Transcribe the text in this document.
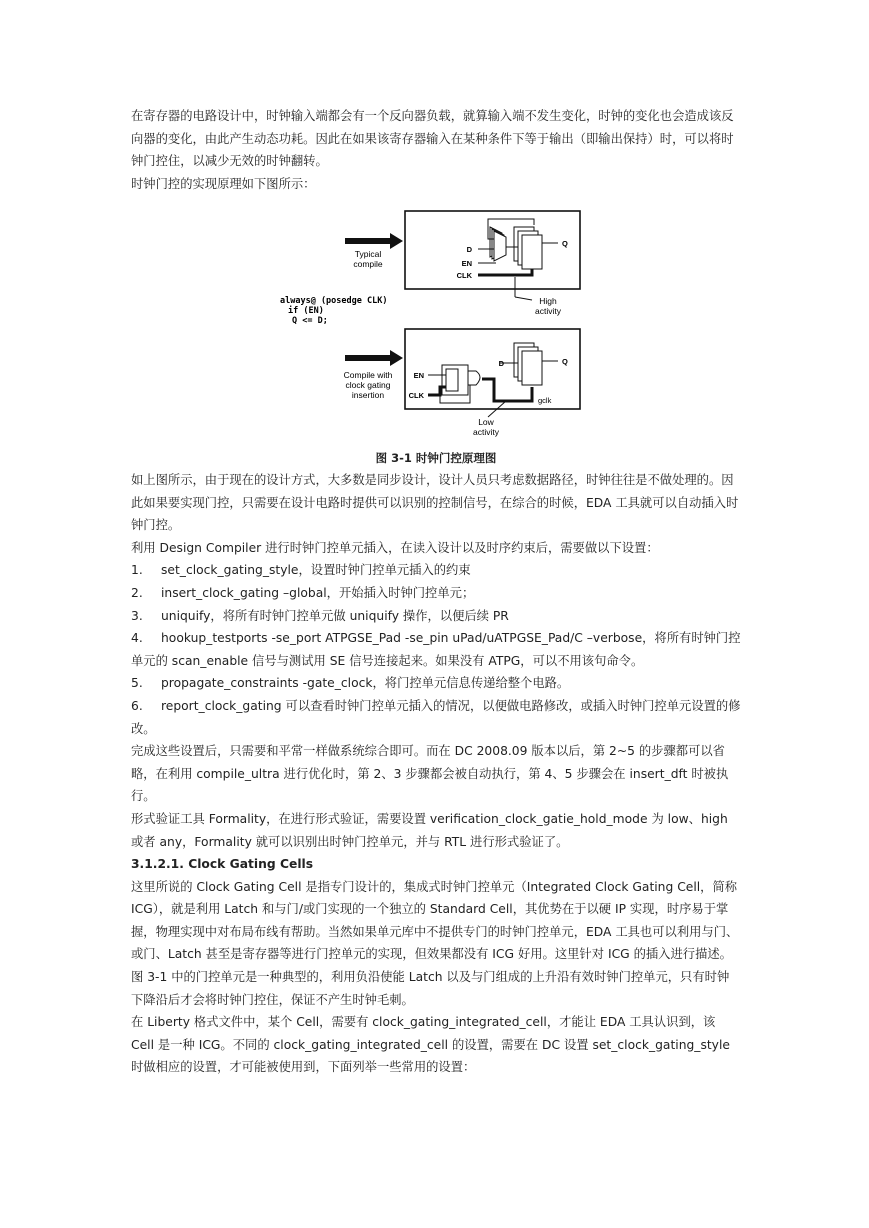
在寄存器的电路设计中，时钟输入端都会有一个反向器负载，就算输入端不发生变化，时钟的变化也会造成该反向器的变化，由此产生动态功耗。因此在如果该寄存器输入在某种条件下等于输出（即输出保持）时，可以将时钟门控住，以减少无效的时钟翻转。

时钟门控的实现原理如下图所示：

Typical
compile
D
EN
CLK
Q
High
activity
always@ (posedge CLK)
if (EN)
Q <= D;
Compile with
clock gating
insertion
EN
CLK
D	Q
gclk
Low
activity

图 3-1 时钟门控原理图

如上图所示，由于现在的设计方式，大多数是同步设计，设计人员只考虑数据路径，时钟往往是不做处理的。因此如果要实现门控，只需要在设计电路时提供可以识别的控制信号，在综合的时候，EDA 工具就可以自动插入时钟门控。

利用 Design Compiler 进行时钟门控单元插入，在读入设计以及时序约束后，需要做以下设置：

1. set_clock_gating_style，设置时钟门控单元插入的约束

2. insert_clock_gating –global，开始插入时钟门控单元；

3. uniquify，将所有时钟门控单元做 uniquify 操作，以便后续 PR

4. hookup_testports -se_port ATPGSE_Pad -se_pin uPad/uATPGSE_Pad/C –verbose，将所有时钟门控单元的 scan_enable 信号与测试用 SE 信号连接起来。如果没有 ATPG，可以不用该句命令。

5. propagate_constraints -gate_clock，将门控单元信息传递给整个电路。

6. report_clock_gating 可以查看时钟门控单元插入的情况，以便做电路修改，或插入时钟门控单元设置的修改。

完成这些设置后，只需要和平常一样做系统综合即可。而在 DC 2008.09 版本以后，第 2~5 的步骤都可以省略，在利用 compile_ultra 进行优化时，第 2、3 步骤都会被自动执行，第 4、5 步骤会在 insert_dft 时被执行。

形式验证工具 Formality，在进行形式验证，需要设置 verification_clock_gatie_hold_mode 为 low、high 或者 any，Formality 就可以识别出时钟门控单元，并与 RTL 进行形式验证了。

3.1.2.1. Clock Gating Cells

这里所说的 Clock Gating Cell 是指专门设计的，集成式时钟门控单元（Integrated Clock Gating Cell，简称 ICG），就是利用 Latch 和与门/或门实现的一个独立的 Standard Cell，其优势在于以硬 IP 实现，时序易于掌握，物理实现中对布局布线有帮助。当然如果单元库中不提供专门的时钟门控单元，EDA 工具也可以利用与门、或门、Latch 甚至是寄存器等进行门控单元的实现，但效果都没有 ICG 好用。这里针对 ICG 的插入进行描述。

图 3-1 中的门控单元是一种典型的，利用负沿使能 Latch 以及与门组成的上升沿有效时钟门控单元，只有时钟下降沿后才会将时钟门控住，保证不产生时钟毛刺。

在 Liberty 格式文件中，某个 Cell，需要有 clock_gating_integrated_cell，才能让 EDA 工具认识到，该 Cell 是一种 ICG。不同的 clock_gating_integrated_cell 的设置，需要在 DC 设置 set_clock_gating_style 时做相应的设置，才可能被使用到，下面列举一些常用的设置：
